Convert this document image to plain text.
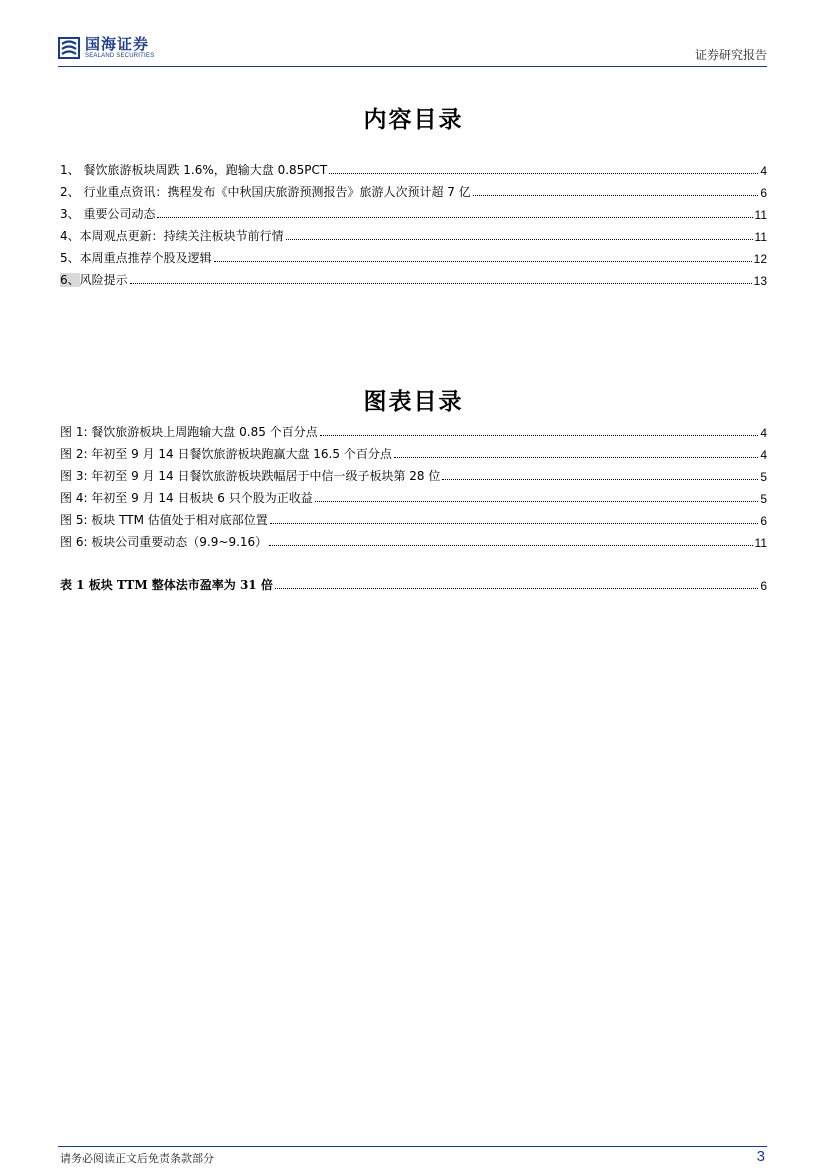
国海证券
SEALAND SECURITIES	证券研究报告
内容目录
1、 餐饮旅游板块周跌 1.6%，跑输大盘 0.85PCT	4
2、 行业重点资讯：携程发布《中秋国庆旅游预测报告》旅游人次预计超 7 亿	6
3、 重要公司动态	11
4、本周观点更新：持续关注板块节前行情	11
5、本周重点推荐个股及逻辑	12
6、风险提示	13
图表目录
图 1: 餐饮旅游板块上周跑输大盘 0.85 个百分点	4
图 2: 年初至 9 月 14 日餐饮旅游板块跑赢大盘 16.5 个百分点	4
图 3: 年初至 9 月 14 日餐饮旅游板块跌幅居于中信一级子板块第 28 位	5
图 4: 年初至 9 月 14 日板块 6 只个股为正收益	5
图 5: 板块 TTM 估值处于相对底部位置	6
图 6: 板块公司重要动态（9.9~9.16）	11
表 1 板块 TTM 整体法市盈率为 31 倍	6
请务必阅读正文后免责条款部分	3
